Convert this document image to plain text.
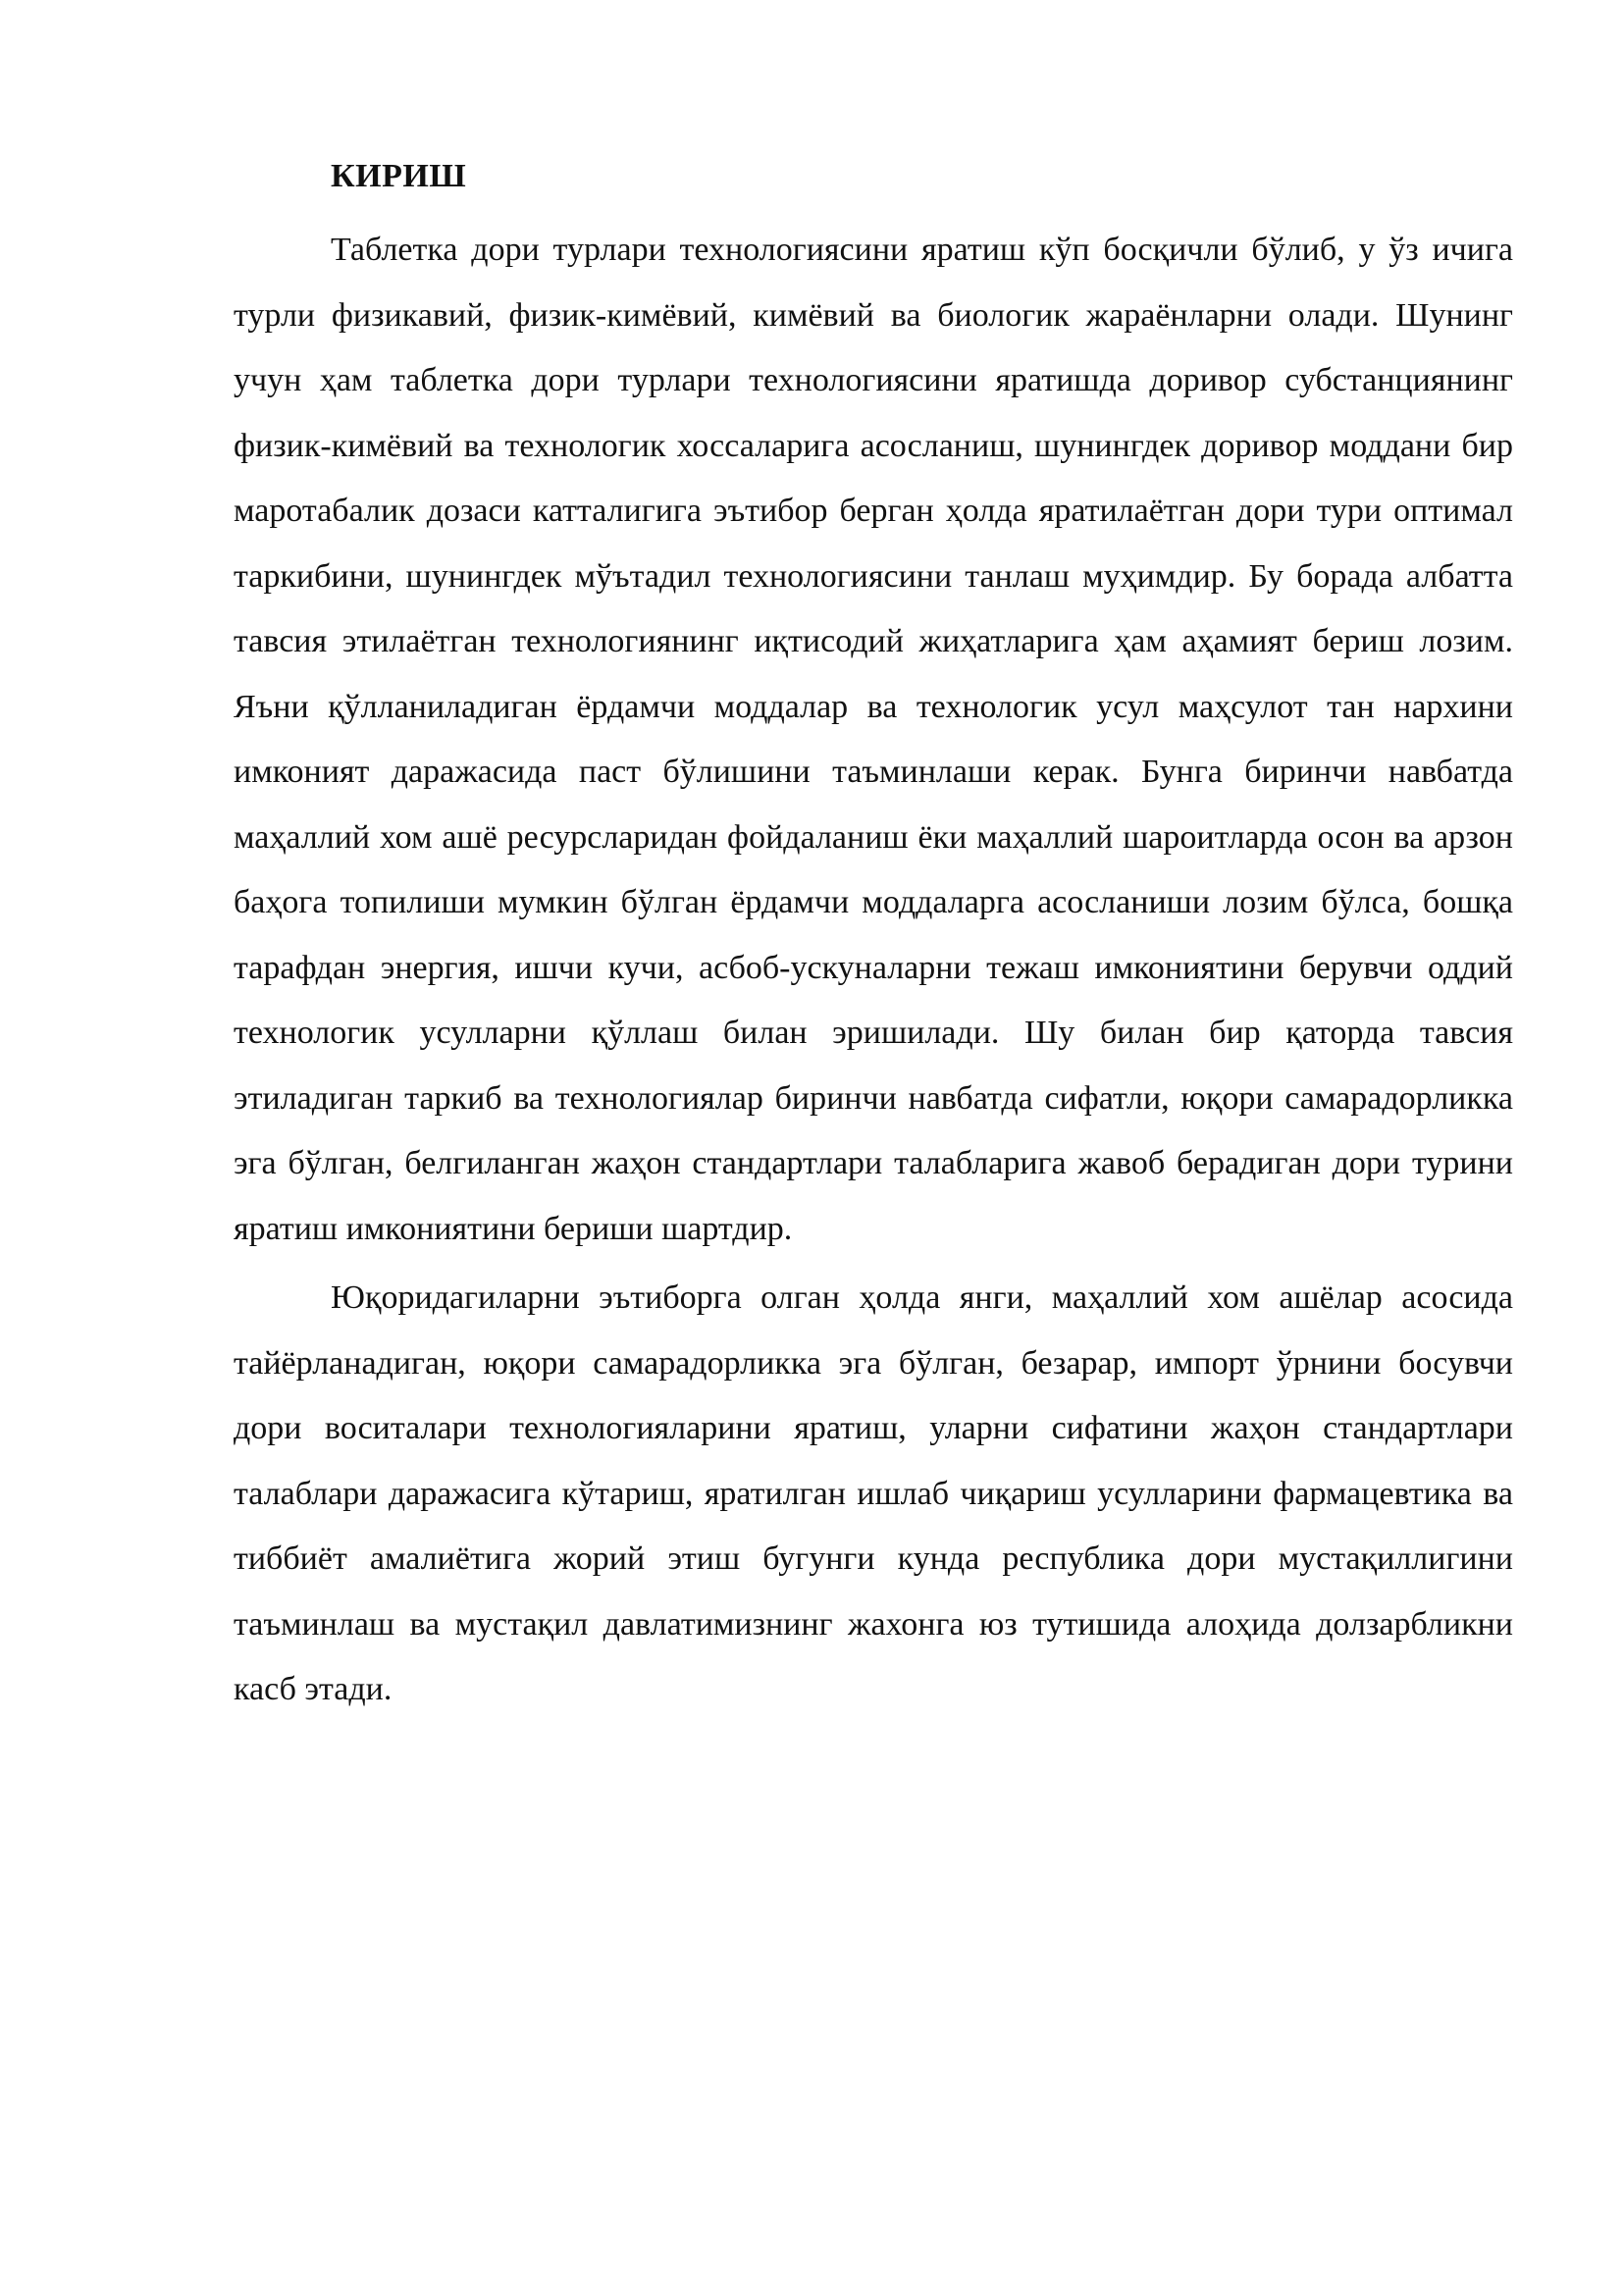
КИРИШ

Таблетка дори турлари технологиясини яратиш кўп босқичли бўлиб, у ўз ичига турли физикавий, физик-кимёвий, кимёвий ва биологик жараёнларни олади. Шунинг учун ҳам таблетка дори турлари технологиясини яратишда доривор субстанциянинг физик-кимёвий ва технологик хоссаларига асосланиш, шунингдек доривор моддани бир маротабалик дозаси катталигига эътибор берган ҳолда яратилаётган дори тури оптимал таркибини, шунингдек мўътадил технологиясини танлаш муҳимдир. Бу борада албатта тавсия этилаётган технологиянинг иқтисодий жиҳатларига ҳам аҳамият бериш лозим. Яъни қўлланиладиган ёрдамчи моддалар ва технологик усул маҳсулот тан нархини имконият даражасида паст бўлишини таъминлаши керак. Бунга биринчи навбатда маҳаллий хом ашё ресурсларидан фойдаланиш ёки маҳаллий шароитларда осон ва арзон баҳога топилиши мумкин бўлган ёрдамчи моддаларга асосланиши лозим бўлса, бошқа тарафдан энергия, ишчи кучи, асбоб-ускуналарни тежаш имкониятини берувчи оддий технологик усулларни қўллаш билан эришилади. Шу билан бир қаторда тавсия этиладиган таркиб ва технологиялар биринчи навбатда сифатли, юқори самарадорликка эга бўлган, белгиланган жаҳон стандартлари талабларига жавоб берадиган дори турини яратиш имкониятини бериши шартдир.

Юқоридагиларни эътиборга олган ҳолда янги, маҳаллий хом ашёлар асосида тайёрланадиган, юқори самарадорликка эга бўлган, безарар, импорт ўрнини босувчи дори воситалари технологияларини яратиш, уларни сифатини жаҳон стандартлари талаблари даражасига кўтариш, яратилган ишлаб чиқариш усулларини фармацевтика ва тиббиёт амалиётига жорий этиш бугунги кунда республика дори мустақиллигини таъминлаш ва мустақил давлатимизнинг жахонга юз тутишида алоҳида долзарбликни касб этади.
